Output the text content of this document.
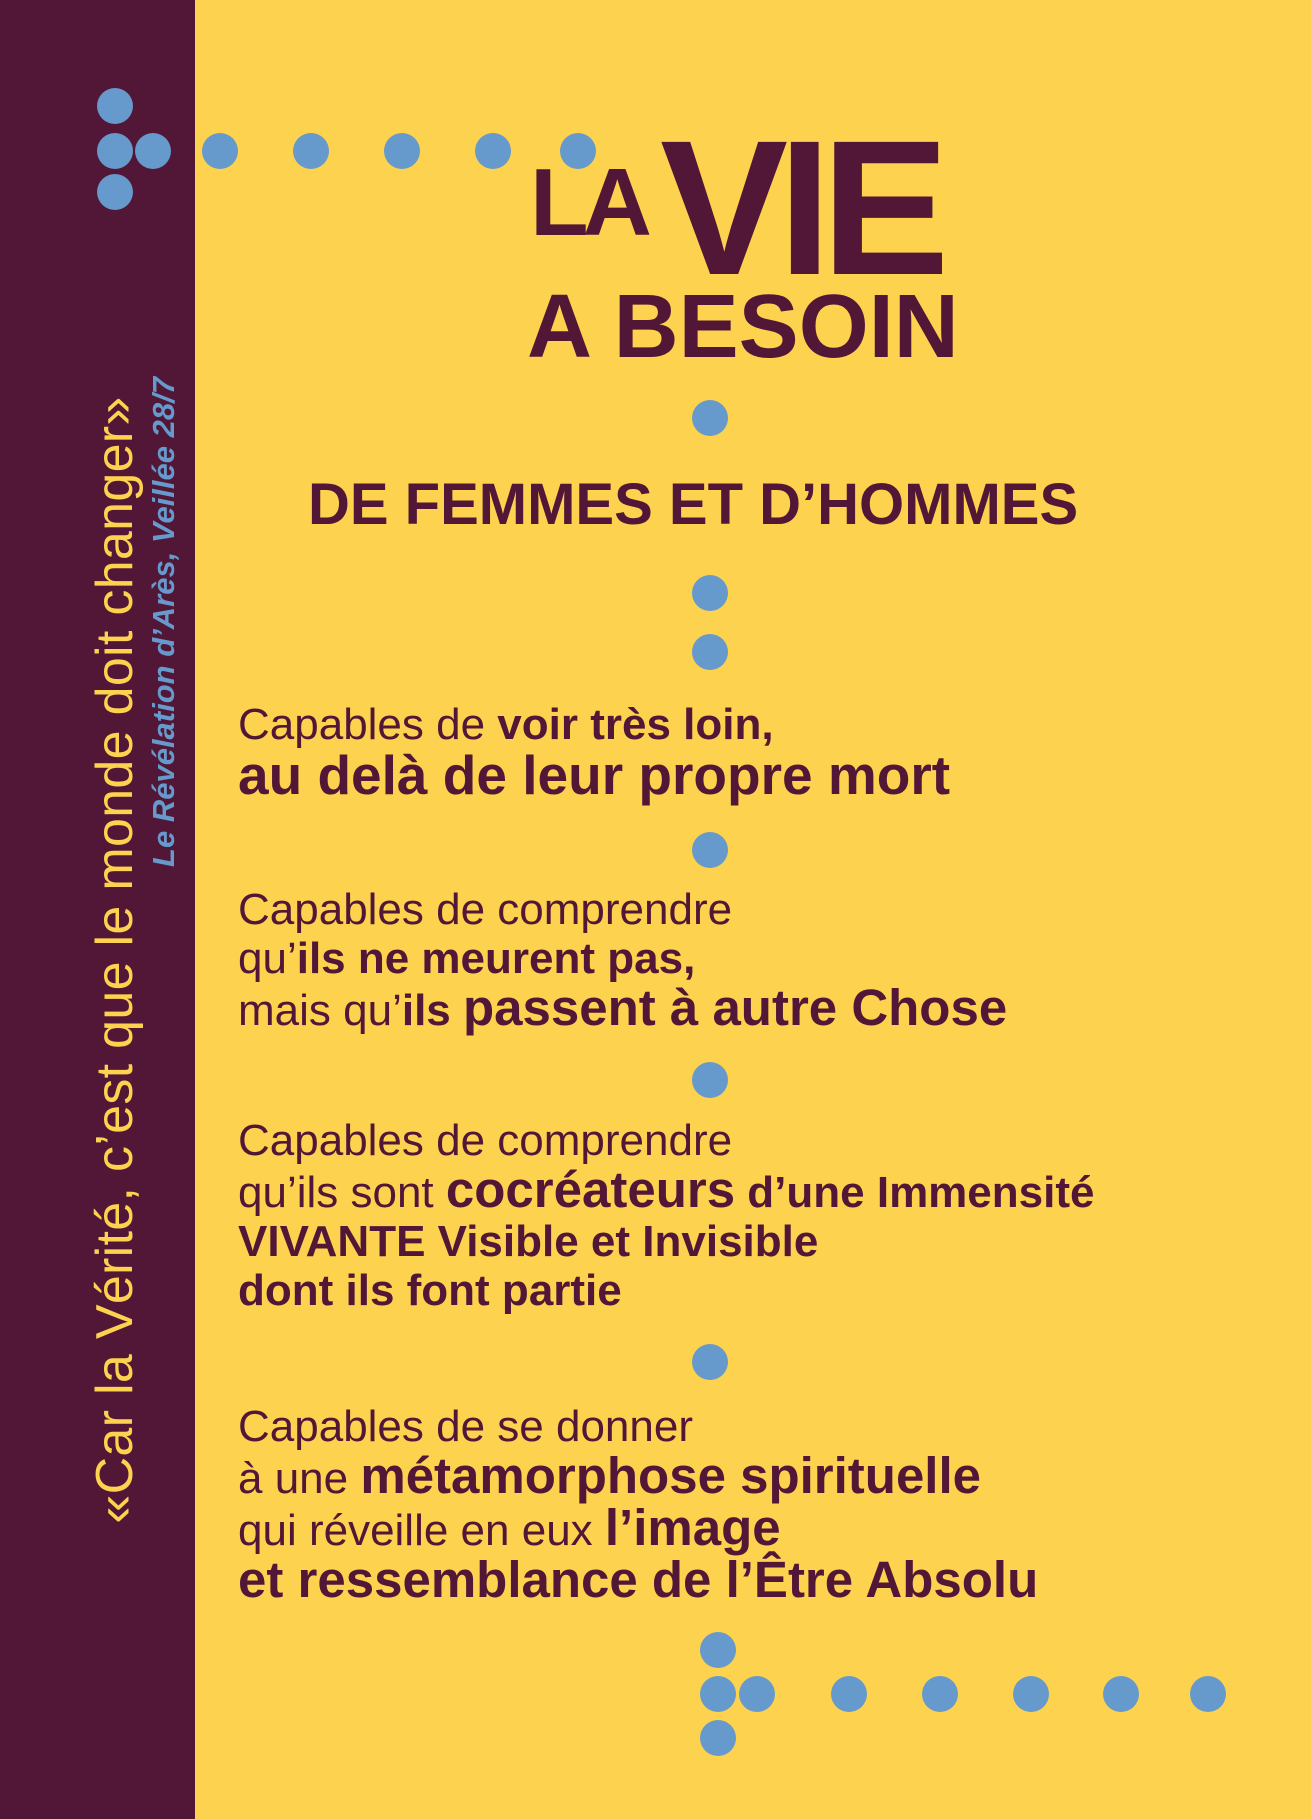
«Car la Vérité, c’est que le monde doit changer» Le Révélation d’Arès, Veillée 28/7
LA VIE
A BESOIN
DE FEMMES ET D’HOMMES
Capables de voir très loin,
au delà de leur propre mort
Capables de comprendre
qu’ils ne meurent pas,
mais qu’ils passent à autre Chose
Capables de comprendre
qu’ils sont cocréateurs d’une Immensité
VIVANTE Visible et Invisible
dont ils font partie
Capables de se donner
à une métamorphose spirituelle
qui réveille en eux l’image
et ressemblance de l’Être Absolu
